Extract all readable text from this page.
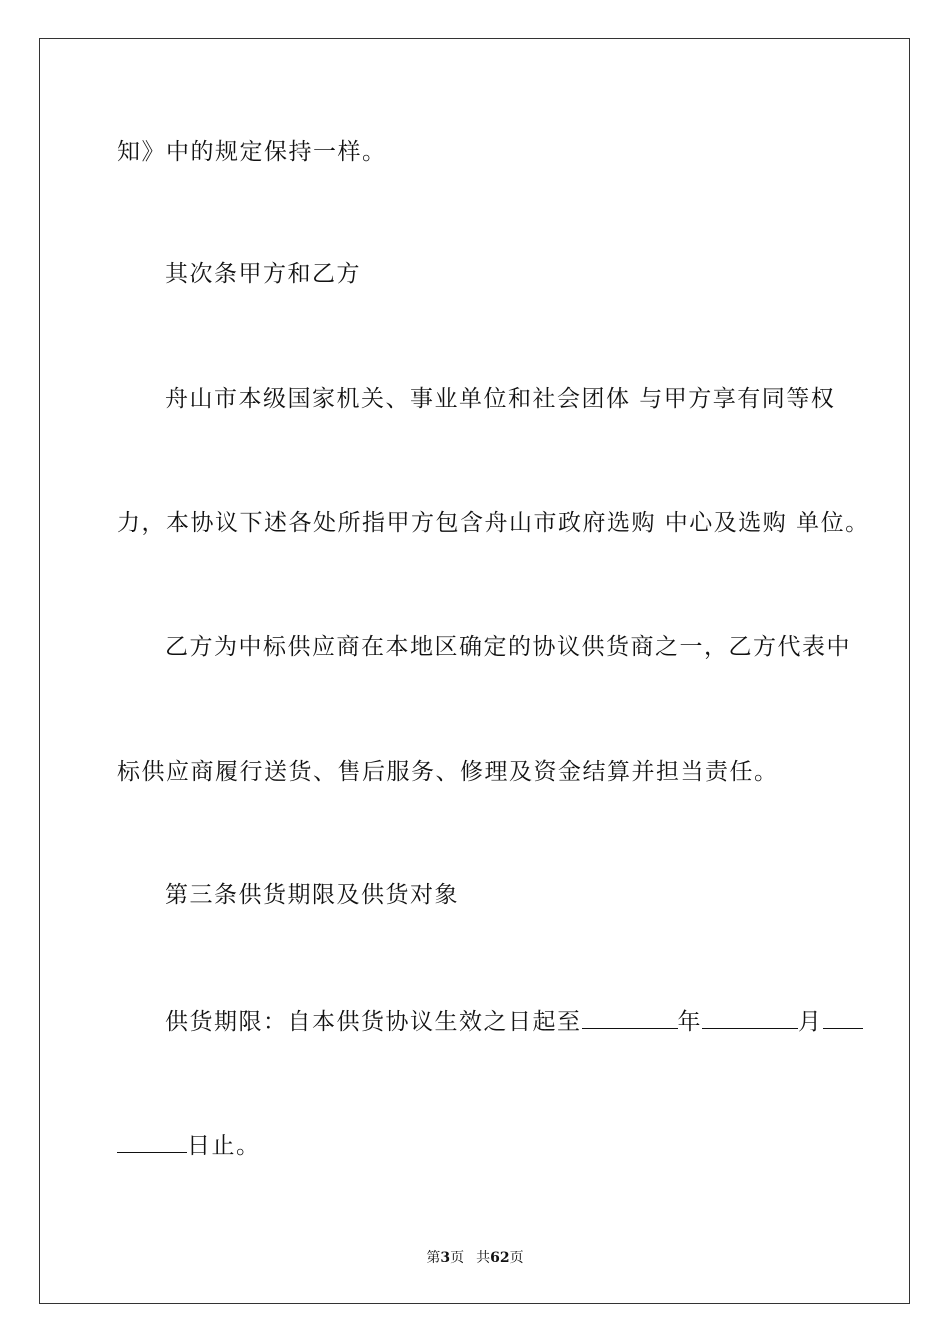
知》中的规定保持一样。
其次条甲方和乙方
舟山市本级国家机关、事业单位和社会团体 与甲方享有同等权
力，本协议下述各处所指甲方包含舟山市政府选购 中心及选购 单位。
乙方为中标供应商在本地区确定的协议供货商之一，乙方代表中
标供应商履行送货、售后服务、修理及资金结算并担当责任。
第三条供货期限及供货对象
供货期限：自本供货协议生效之日起至	年	月
日止。
第3页 共62页
